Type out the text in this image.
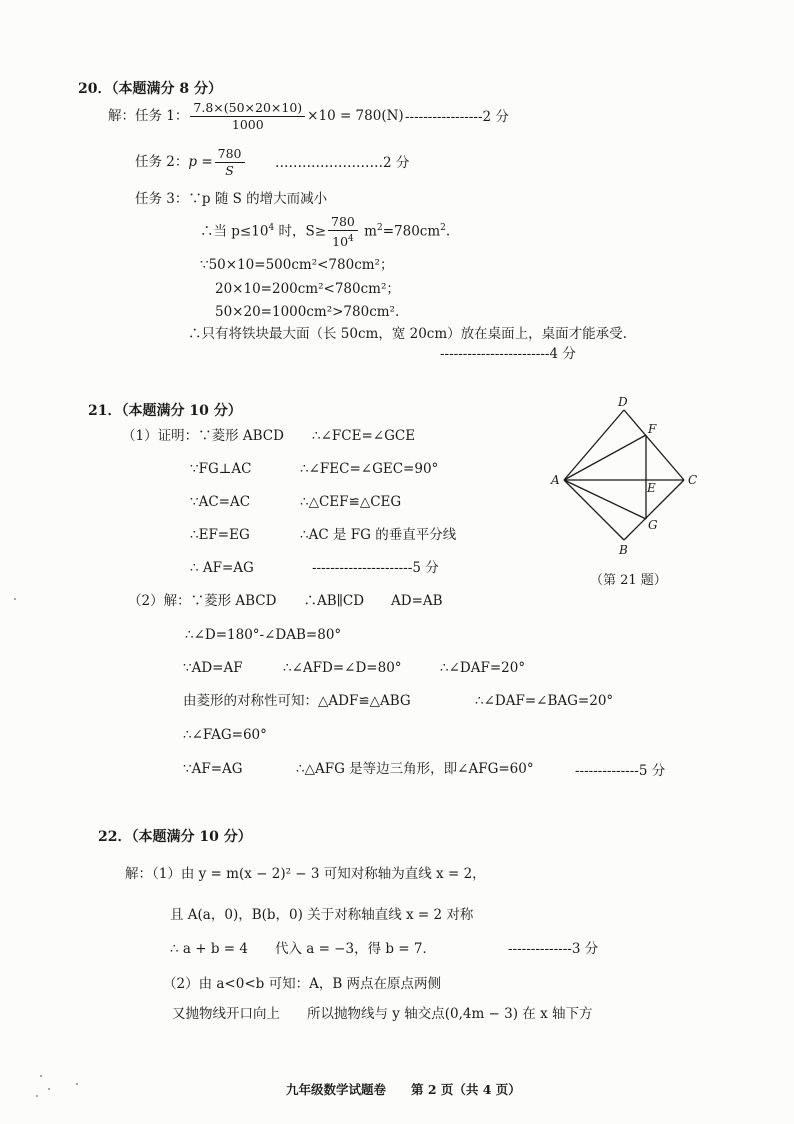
20．（本题满分 8 分）
解：任务 1： $\frac{7.8\times(50\times 20\times 10)}{1000} \times 10 = 780(N)$ -----------------2 分
任务 2：$p = \frac{780}{S}$ ……………………2 分
任务 3：∵p 随 S 的增大而减小
∴当 $p\le 10^4$ 时，$S\ge \frac{780}{10^4} m^2=780cm^2$.
∵50×10=500cm²<780cm²；
20×10=200cm²<780cm²；
50×20=1000cm²>780cm².
∴只有将铁块最大面（长 50cm，宽 20cm）放在桌面上，桌面才能承受.
------------------------4 分
21．（本题满分 10 分）
（1）证明：∵菱形 ABCD ∴∠FCE=∠GCE
∵FG⊥AC	∴∠FEC=∠GEC=90°
∵AC=AC	∴△CEF≌△CEG
∴EF=EG	∴AC 是 FG 的垂直平分线
∴ AF=AG	----------------------5 分
（2）解：∵菱形 ABCD　　∴AB∥CD　　AD=AB
∴∠D=180°-∠DAB=80°
∵AD=AF	∴∠AFD=∠D=80°	∴∠DAF=20°
由菱形的对称性可知：△ADF≌△ABG	∴∠DAF=∠BAG=20°
∴∠FAG=60°
∵AF=AG	∴△AFG 是等边三角形，即∠AFG=60°	--------------5 分
D
F
A
E
C
G
B
（第 21 题）
22．（本题满分 10 分）
解：（1）由 y = m(x − 2)² − 3 可知对称轴为直线 x = 2，
且 A(a，0)，B(b，0) 关于对称轴直线 x = 2 对称
∴ a + b = 4　　代入 a = −3，得 b = 7．	--------------3 分
（2）由 a<0<b 可知：A，B 两点在原点两侧
又抛物线开口向上　　所以抛物线与 y 轴交点(0,4m − 3) 在 x 轴下方
九年级数学试题卷　　第 2 页（共 4 页）
